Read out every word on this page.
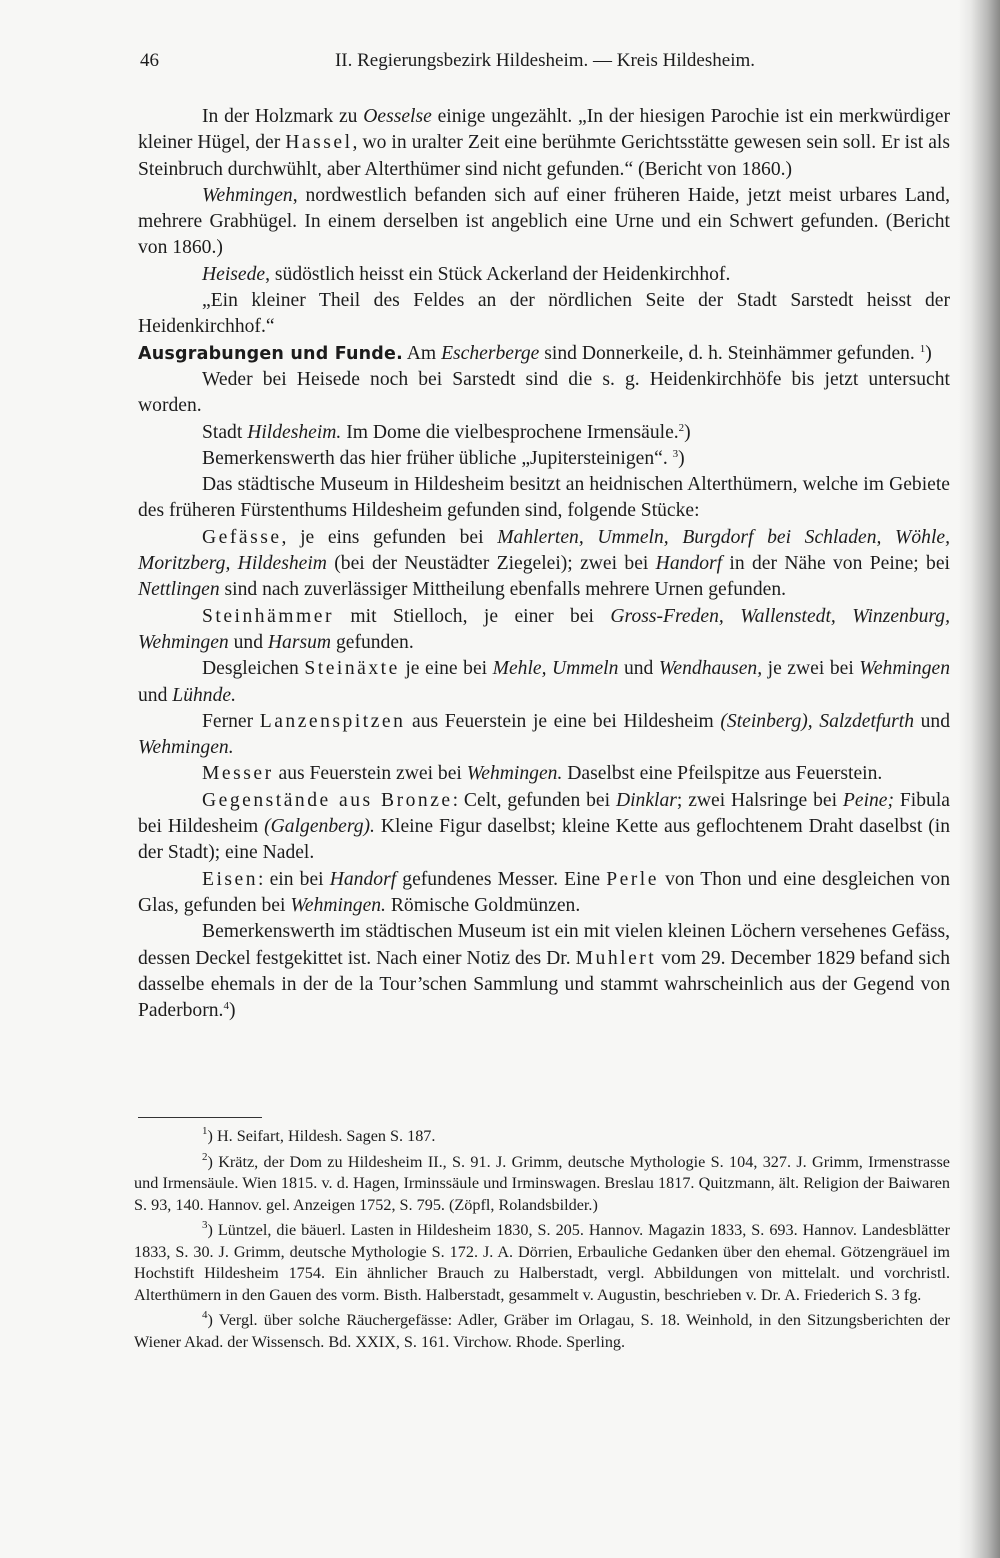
46	II. Regierungsbezirk Hildesheim. — Kreis Hildesheim.

In der Holzmark zu Oesselse einige ungezählt. „In der hiesigen Parochie ist ein merkwürdiger kleiner Hügel, der Hassel, wo in uralter Zeit eine berühmte Gerichtsstätte gewesen sein soll. Er ist als Steinbruch durchwühlt, aber Alterthümer sind nicht gefunden.“ (Bericht von 1860.)

Wehmingen, nordwestlich befanden sich auf einer früheren Haide, jetzt meist urbares Land, mehrere Grabhügel. In einem derselben ist angeblich eine Urne und ein Schwert gefunden. (Bericht von 1860.)

Heisede, südöstlich heisst ein Stück Ackerland der Heidenkirchhof.

„Ein kleiner Theil des Feldes an der nördlichen Seite der Stadt Sarstedt heisst der Heidenkirchhof.“

Ausgrabungen und Funde. Am Escherberge sind Donnerkeile, d. h. Steinhämmer gefunden. $^1$)

Weder bei Heisede noch bei Sarstedt sind die s. g. Heidenkirchhöfe bis jetzt untersucht worden.

Stadt Hildesheim. Im Dome die vielbesprochene Irmensäule.$^2$)

Bemerkenswerth das hier früher übliche „Jupitersteinigen“. $^3$)

Das städtische Museum in Hildesheim besitzt an heidnischen Alterthümern, welche im Gebiete des früheren Fürstenthums Hildesheim gefunden sind, folgende Stücke:

Gefässe, je eins gefunden bei Mahlerten, Ummeln, Burgdorf bei Schladen, Wöhle, Moritzberg, Hildesheim (bei der Neustädter Ziegelei); zwei bei Handorf in der Nähe von Peine; bei Nettlingen sind nach zuverlässiger Mittheilung ebenfalls mehrere Urnen gefunden.

Steinhämmer mit Stielloch, je einer bei Gross-Freden, Wallenstedt, Winzenburg, Wehmingen und Harsum gefunden.

Desgleichen Steinäxte je eine bei Mehle, Ummeln und Wendhausen, je zwei bei Wehmingen und Lühnde.

Ferner Lanzenspitzen aus Feuerstein je eine bei Hildesheim (Steinberg), Salzdetfurth und Wehmingen.

Messer aus Feuerstein zwei bei Wehmingen. Daselbst eine Pfeilspitze aus Feuerstein.

Gegenstände aus Bronze: Celt, gefunden bei Dinklar; zwei Halsringe bei Peine; Fibula bei Hildesheim (Galgenberg). Kleine Figur daselbst; kleine Kette aus geflochtenem Draht daselbst (in der Stadt); eine Nadel.

Eisen: ein bei Handorf gefundenes Messer. Eine Perle von Thon und eine desgleichen von Glas, gefunden bei Wehmingen. Römische Goldmünzen.

Bemerkenswerth im städtischen Museum ist ein mit vielen kleinen Löchern versehenes Gefäss, dessen Deckel festgekittet ist. Nach einer Notiz des Dr. Muhlert vom 29. December 1829 befand sich dasselbe ehemals in der de la Tour’schen Sammlung und stammt wahrscheinlich aus der Gegend von Paderborn.$^4$)

$^1$) H. Seifart, Hildesh. Sagen S. 187.

$^2$) Krätz, der Dom zu Hildesheim II., S. 91. J. Grimm, deutsche Mythologie S. 104, 327. J. Grimm, Irmenstrasse und Irmensäule. Wien 1815. v. d. Hagen, Irminssäule und Irminswagen. Breslau 1817. Quitzmann, ält. Religion der Baiwaren S. 93, 140. Hannov. gel. Anzeigen 1752, S. 795. (Zöpfl, Rolandsbilder.)

$^3$) Lüntzel, die bäuerl. Lasten in Hildesheim 1830, S. 205. Hannov. Magazin 1833, S. 693. Hannov. Landesblätter 1833, S. 30. J. Grimm, deutsche Mythologie S. 172. J. A. Dörrien, Erbauliche Gedanken über den ehemal. Götzengräuel im Hochstift Hildesheim 1754. Ein ähnlicher Brauch zu Halberstadt, vergl. Abbildungen von mittelalt. und vorchristl. Alterthümern in den Gauen des vorm. Bisth. Halberstadt, gesammelt v. Augustin, beschrieben v. Dr. A. Friederich S. 3 fg.

$^4$) Vergl. über solche Räuchergefässe: Adler, Gräber im Orlagau, S. 18. Weinhold, in den Sitzungsberichten der Wiener Akad. der Wissensch. Bd. XXIX, S. 161. Virchow. Rhode. Sperling.
